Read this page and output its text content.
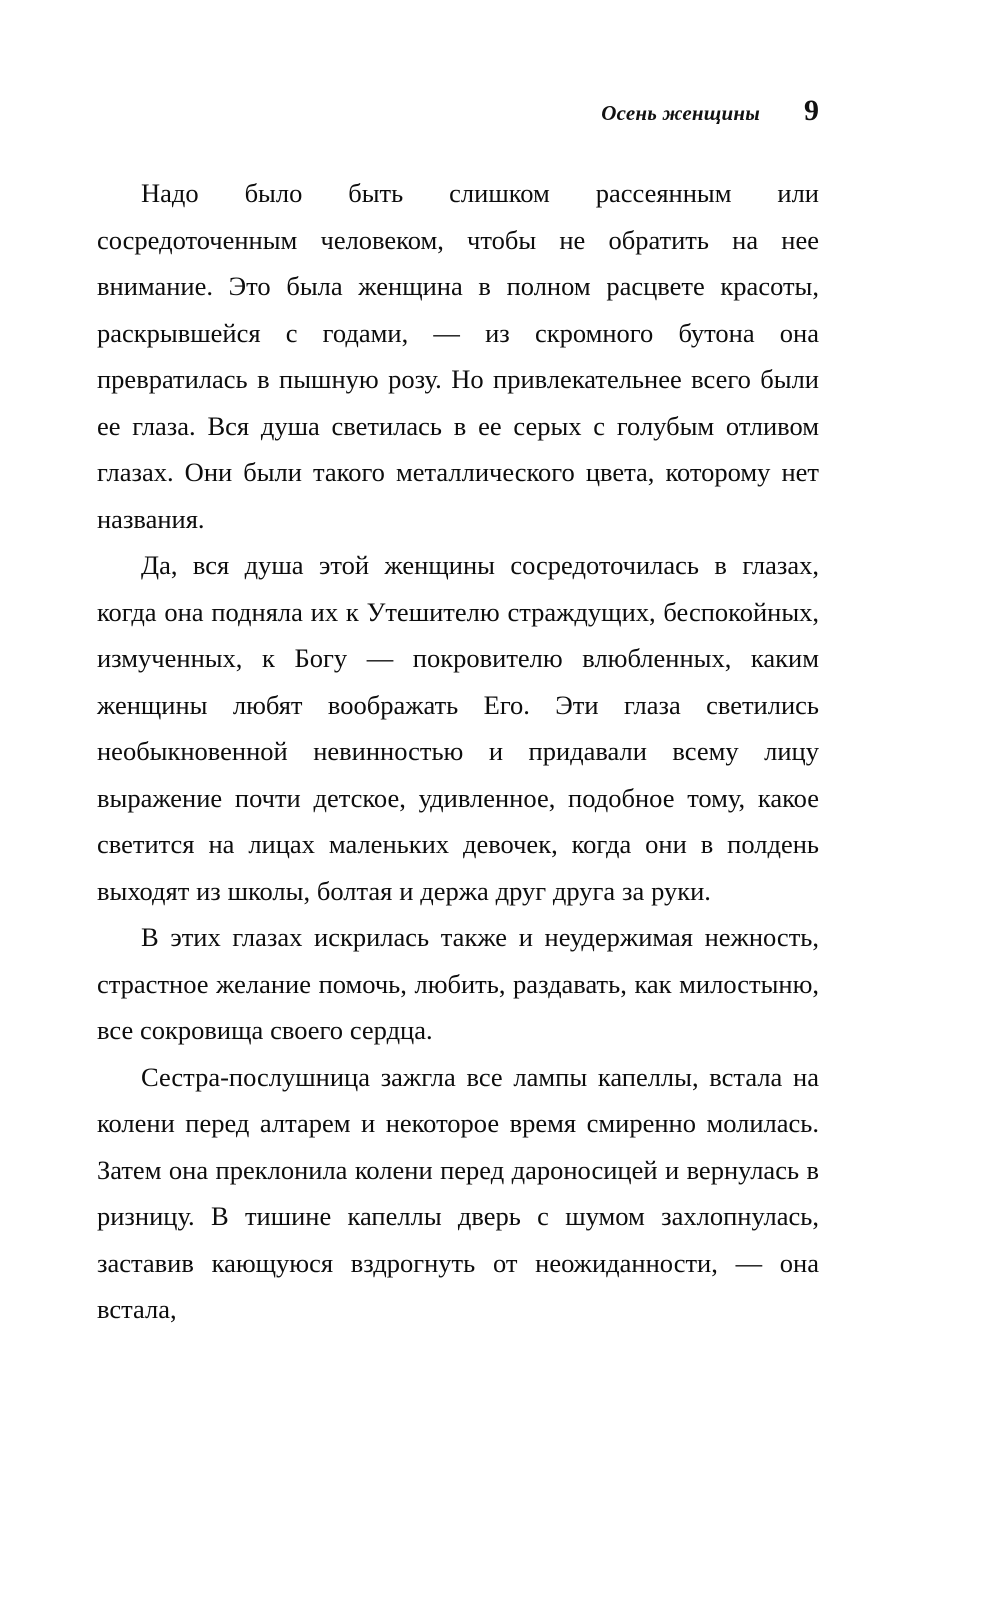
Осень женщины 9

Надо было быть слишком рассеянным или сосредоточенным человеком, чтобы не обратить на нее внимание. Это была женщина в полном расцвете красоты, раскрывшейся с годами, — из скромного бутона она превратилась в пышную розу. Но привлекательнее всего были ее глаза. Вся душа светилась в ее серых с голубым отливом глазах. Они были такого металлического цвета, которому нет названия.

Да, вся душа этой женщины сосредоточилась в глазах, когда она подняла их к Утешителю страждущих, беспокойных, измученных, к Богу — покровителю влюбленных, каким женщины любят воображать Его. Эти глаза светились необыкновенной невинностью и придавали всему лицу выражение почти детское, удивленное, подобное тому, какое светится на лицах маленьких девочек, когда они в полдень выходят из школы, болтая и держа друг друга за руки.

В этих глазах искрилась также и неудержимая нежность, страстное желание помочь, любить, раздавать, как милостыню, все сокровища своего сердца.

Сестра-послушница зажгла все лампы капеллы, встала на колени перед алтарем и некоторое время смиренно молилась. Затем она преклонила колени перед дароносицей и вернулась в ризницу. В тишине капеллы дверь с шумом захлопнулась, заставив кающуюся вздрогнуть от неожиданности, — она встала,
